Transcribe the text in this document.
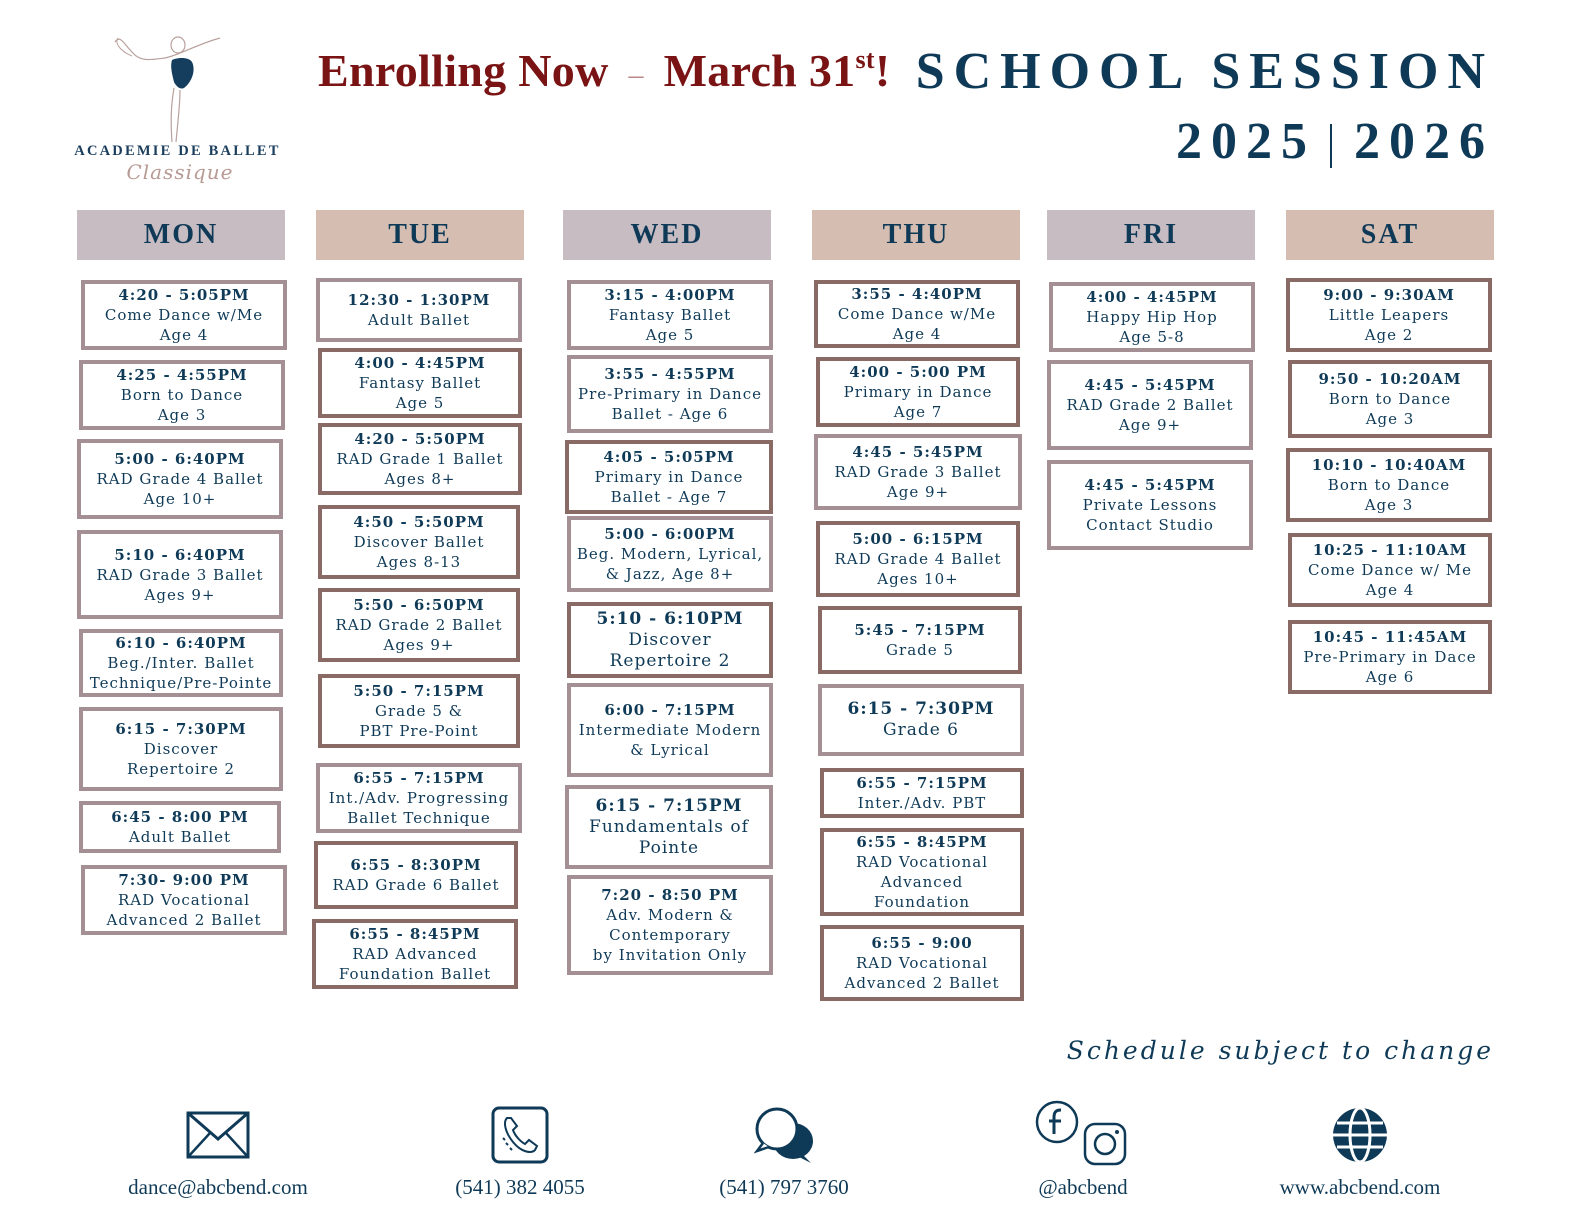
ACADEMIE DE BALLET
Classique
Enrolling Now – March 31st! SCHOOL SESSION
2025 2026
MON
4:20 - 5:05PM
Come Dance w/Me
Age 4
4:25 - 4:55PM
Born to Dance
Age 3
5:00 - 6:40PM
RAD Grade 4 Ballet
Age 10+
5:10 - 6:40PM
RAD Grade 3 Ballet
Ages 9+
6:10 - 6:40PM
Beg./Inter. Ballet
Technique/Pre-Pointe
6:15 - 7:30PM
Discover
Repertoire 2
6:45 - 8:00 PM
Adult Ballet
7:30- 9:00 PM
RAD Vocational
Advanced 2 Ballet
TUE
12:30 - 1:30PM
Adult Ballet
4:00 - 4:45PM
Fantasy Ballet
Age 5
4:20 - 5:50PM
RAD Grade 1 Ballet
Ages 8+
4:50 - 5:50PM
Discover Ballet
Ages 8-13
5:50 - 6:50PM
RAD Grade 2 Ballet
Ages 9+
5:50 - 7:15PM
Grade 5 &
PBT Pre-Point
6:55 - 7:15PM
Int./Adv. Progressing
Ballet Technique
6:55 - 8:30PM
RAD Grade 6 Ballet
6:55 - 8:45PM
RAD Advanced
Foundation Ballet
WED
3:15 - 4:00PM
Fantasy Ballet
Age 5
3:55 - 4:55PM
Pre-Primary in Dance
Ballet - Age 6
4:05 - 5:05PM
Primary in Dance
Ballet - Age 7
5:00 - 6:00PM
Beg. Modern, Lyrical,
& Jazz, Age 8+
5:10 - 6:10PM
Discover
Repertoire 2
6:00 - 7:15PM
Intermediate Modern
& Lyrical
6:15 - 7:15PM
Fundamentals of
Pointe
7:20 - 8:50 PM
Adv. Modern &
Contemporary
by Invitation Only
THU
3:55 - 4:40PM
Come Dance w/Me
Age 4
4:00 - 5:00 PM
Primary in Dance
Age 7
4:45 - 5:45PM
RAD Grade 3 Ballet
Age 9+
5:00 - 6:15PM
RAD Grade 4 Ballet
Ages 10+
5:45 - 7:15PM
Grade 5
6:15 - 7:30PM
Grade 6
6:55 - 7:15PM
Inter./Adv. PBT
6:55 - 8:45PM
RAD Vocational
Advanced
Foundation
6:55 - 9:00
RAD Vocational
Advanced 2 Ballet
FRI
4:00 - 4:45PM
Happy Hip Hop
Age 5-8
4:45 - 5:45PM
RAD Grade 2 Ballet
Age 9+
4:45 - 5:45PM
Private Lessons
Contact Studio
SAT
9:00 - 9:30AM
Little Leapers
Age 2
9:50 - 10:20AM
Born to Dance
Age 3
10:10 - 10:40AM
Born to Dance
Age 3
10:25 - 11:10AM
Come Dance w/ Me
Age 4
10:45 - 11:45AM
Pre-Primary in Dace
Age 6
Schedule subject to change
dance@abcbend.com	(541) 382 4055	(541) 797 3760	@abcbend	www.abcbend.com
